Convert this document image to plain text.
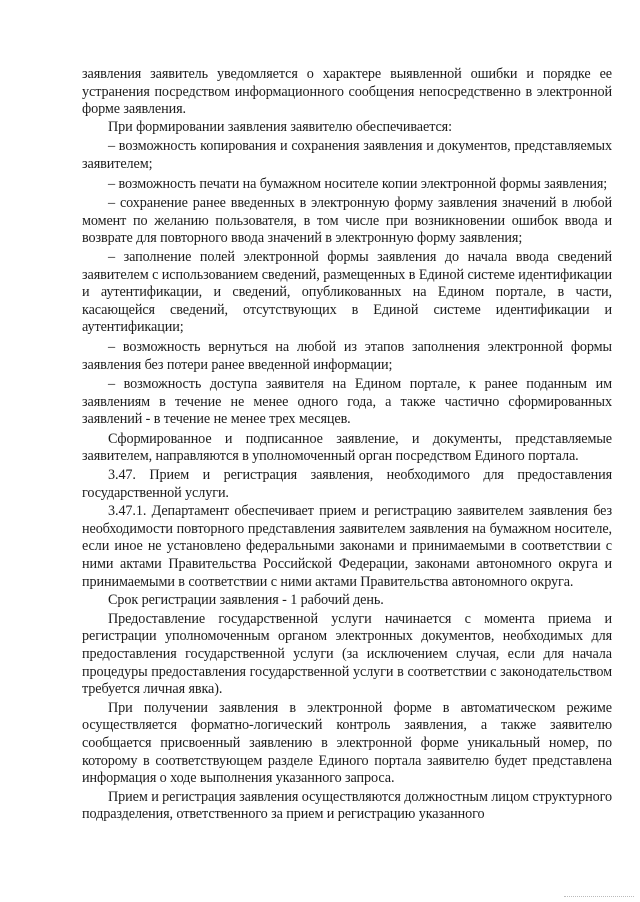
заявления заявитель уведомляется о характере выявленной ошибки и порядке ее устранения посредством информационного сообщения непосредственно в электронной форме заявления.

При формировании заявления заявителю обеспечивается:

– возможность копирования и сохранения заявления и документов, представляемых заявителем;

– возможность печати на бумажном носителе копии электронной формы заявления;

– сохранение ранее введенных в электронную форму заявления значений в любой момент по желанию пользователя, в том числе при возникновении ошибок ввода и возврате для повторного ввода значений в электронную форму заявления;

– заполнение полей электронной формы заявления до начала ввода сведений заявителем с использованием сведений, размещенных в Единой системе идентификации и аутентификации, и сведений, опубликованных на Едином портале, в части, касающейся сведений, отсутствующих в Единой системе идентификации и аутентификации;

– возможность вернуться на любой из этапов заполнения электронной формы заявления без потери ранее введенной информации;

– возможность доступа заявителя на Едином портале, к ранее поданным им заявлениям в течение не менее одного года, а также частично сформированных заявлений - в течение не менее трех месяцев.

Сформированное и подписанное заявление, и документы, представляемые заявителем, направляются в уполномоченный орган посредством Единого портала.

3.47. Прием и регистрация заявления, необходимого для предоставления государственной услуги.

3.47.1. Департамент обеспечивает прием и регистрацию заявителем заявления без необходимости повторного представления заявителем заявления на бумажном носителе, если иное не установлено федеральными законами и принимаемыми в соответствии с ними актами Правительства Российской Федерации, законами автономного округа и принимаемыми в соответствии с ними актами Правительства автономного округа.

Срок регистрации заявления - 1 рабочий день.

Предоставление государственной услуги начинается с момента приема и регистрации уполномоченным органом электронных документов, необходимых для предоставления государственной услуги (за исключением случая, если для начала процедуры предоставления государственной услуги в соответствии с законодательством требуется личная явка).

При получении заявления в электронной форме в автоматическом режиме осуществляется форматно-логический контроль заявления, а также заявителю сообщается присвоенный заявлению в электронной форме уникальный номер, по которому в соответствующем разделе Единого портала заявителю будет представлена информация о ходе выполнения указанного запроса.

Прием и регистрация заявления осуществляются должностным лицом структурного подразделения, ответственного за прием и регистрацию указанного
